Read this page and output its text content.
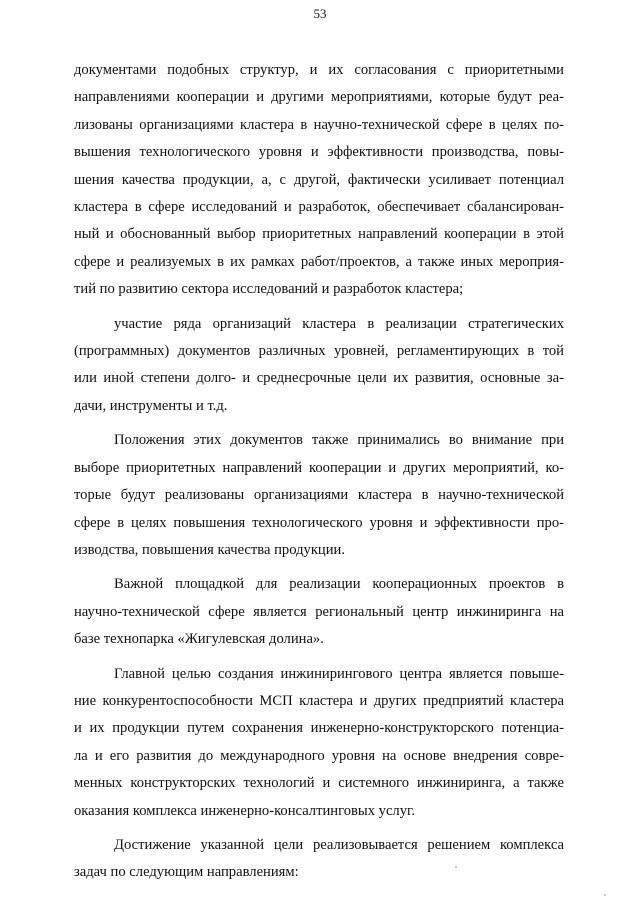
53

документами подобных структур, и их согласования с приоритетными
направлениями кооперации и другими мероприятиями, которые будут реа-
лизованы организациями кластера в научно-технической сфере в целях по-
вышения технологического уровня и эффективности производства, повы-
шения качества продукции, а, с другой, фактически усиливает потенциал
кластера в сфере исследований и разработок, обеспечивает сбалансирован-
ный и обоснованный выбор приоритетных направлений кооперации в этой
сфере и реализуемых в их рамках работ/проектов, а также иных мероприя-
тий по развитию сектора исследований и разработок кластера;

участие ряда организаций кластера в реализации стратегических
(программных) документов различных уровней, регламентирующих в той
или иной степени долго- и среднесрочные цели их развития, основные за-
дачи, инструменты и т.д.

Положения этих документов также принимались во внимание при
выборе приоритетных направлений кооперации и других мероприятий, ко-
торые будут реализованы организациями кластера в научно-технической
сфере в целях повышения технологического уровня и эффективности про-
изводства, повышения качества продукции.

Важной площадкой для реализации кооперационных проектов в
научно-технической сфере является региональный центр инжиниринга на
базе технопарка «Жигулевская долина».

Главной целью создания инжинирингового центра является повыше-
ние конкурентоспособности МСП кластера и других предприятий кластера
и их продукции путем сохранения инженерно-конструкторского потенциа-
ла и его развития до международного уровня на основе внедрения совре-
менных конструкторских технологий и системного инжиниринга, а также
оказания комплекса инженерно-консалтинговых услуг.

Достижение указанной цели реализовывается решением комплекса
задач по следующим направлениям:
